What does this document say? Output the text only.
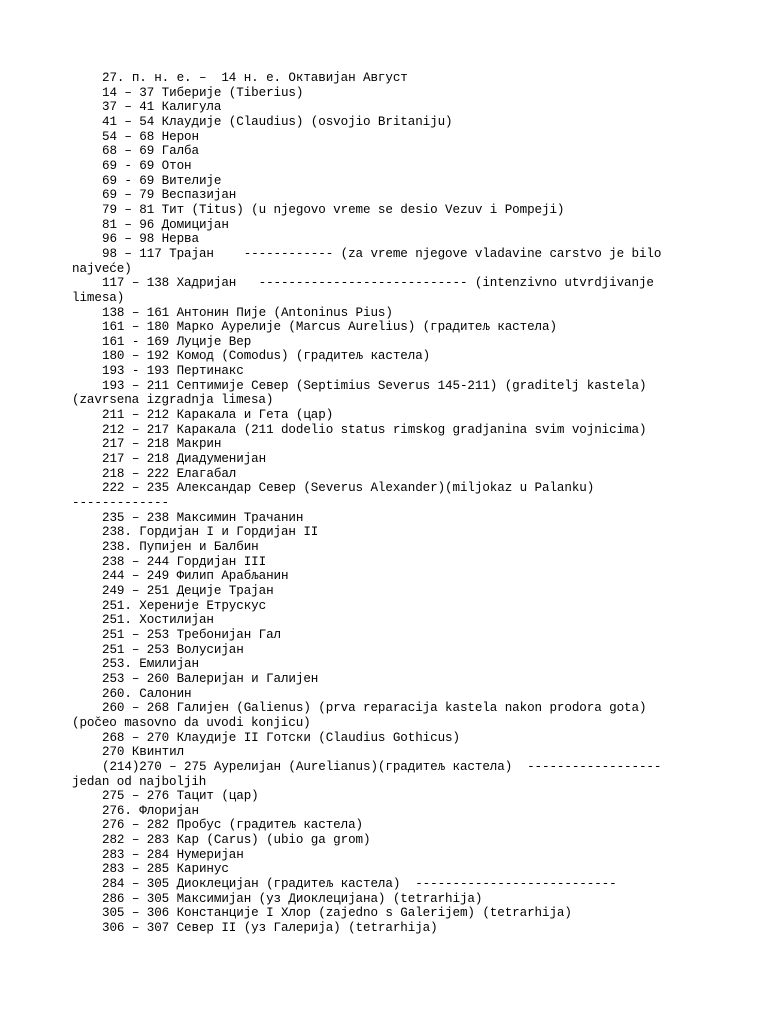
27. п. н. е. –  14 н. е. Октавијан Август
14 – 37 Тиберије (Tiberius)
37 – 41 Калигула
41 – 54 Клаудије (Claudius) (osvojio Britaniju)
54 – 68 Нерон
68 – 69 Галба
69 - 69 Отон
69 - 69 Вителије
69 – 79 Веспазијан
79 – 81 Тит (Titus) (u njegovo vreme se desio Vezuv i Pompeji)
81 – 96 Домицијан
96 – 98 Нерва
98 – 117 Трајан    ------------ (za vreme njegove vladavine carstvo je bilo
najveće)
117 – 138 Хадријан   ---------------------------- (intenzivno utvrdjivanje
limesa)
138 – 161 Антонин Пије (Antoninus Pius)
161 – 180 Марко Аурелије (Marcus Aurelius) (градитељ кастела)
161 - 169 Луције Вер
180 – 192 Комод (Comodus) (градитељ кастела)
193 - 193 Пертинакс
193 – 211 Септимије Север (Septimius Severus 145-211) (graditelj kastela)
(zavrsena izgradnja limesa)
211 – 212 Каракала и Гета (цар)
212 – 217 Каракала (211 dodelio status rimskog gradjanina svim vojnicima)
217 – 218 Макрин
217 – 218 Диадуменијан
218 – 222 Елагабал
222 – 235 Александар Север (Severus Alexander)(miljokaz u Palanku)
-------------
235 – 238 Максимин Трачанин
238. Гордијан I и Гордијан II
238. Пупијен и Балбин
238 – 244 Гордијан III
244 – 249 Филип Арабљанин
249 – 251 Деције Трајан
251. Херениje Етрускус
251. Хостилијан
251 – 253 Требонијан Гал
251 – 253 Волусијан
253. Емилијан
253 – 260 Валеријан и Галијен
260. Салонин
260 – 268 Галијен (Galienus) (prva reparacija kastela nakon prodora gota)
(počeo masovno da uvodi konjicu)
268 – 270 Клаудије II Готски (Claudius Gothicus)
270 Квинтил
(214)270 – 275 Аурелијан (Aurelianus)(градитељ кастела)  ------------------
jedan od najboljih
275 – 276 Тацит (цар)
276. Флоријан
276 – 282 Пробус (градитељ кастела)
282 – 283 Кар (Carus) (ubio ga grom)
283 – 284 Нумеријан
283 – 285 Каринус
284 – 305 Диоклецијан (градитељ кастела)  ---------------------------
286 – 305 Максимијан (уз Диоклецијана) (tetrarhija)
305 – 306 Констанције I Хлор (zajedno s Galerijem) (tetrarhija)
306 – 307 Север II (уз Галерија) (tetrarhija)
